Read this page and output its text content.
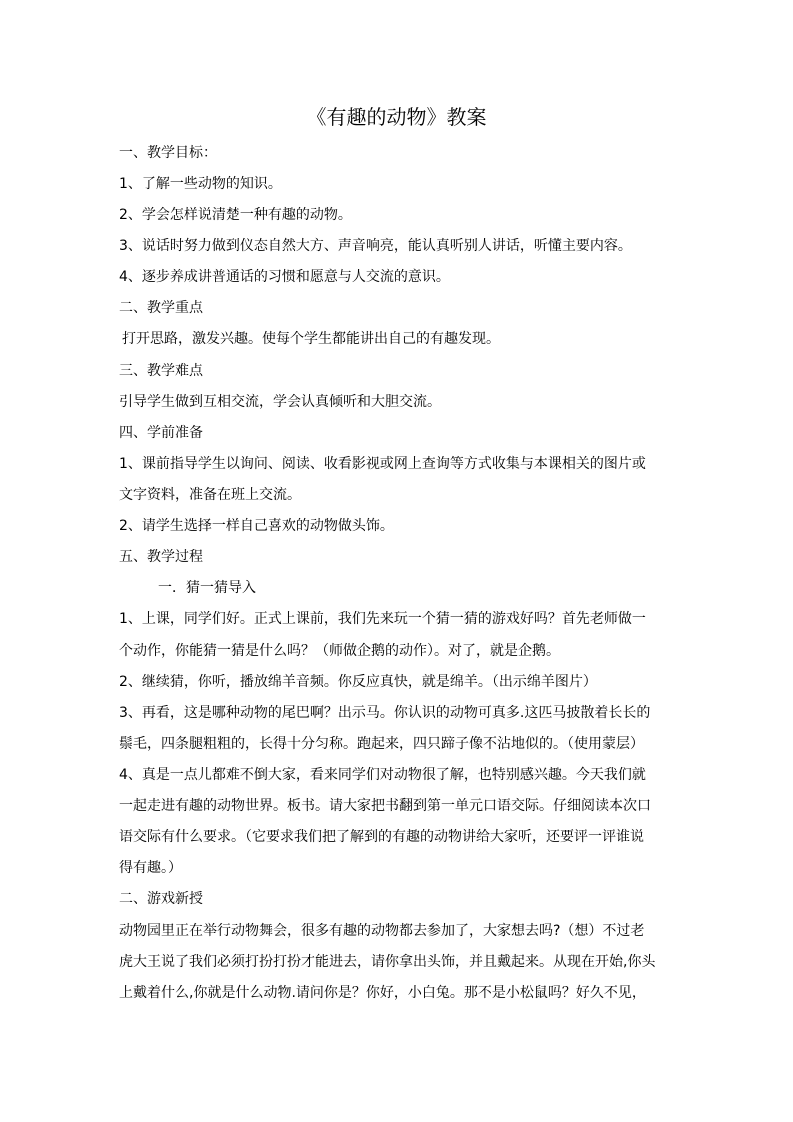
《有趣的动物》教案
一、教学目标：
1、了解一些动物的知识。
2、学会怎样说清楚一种有趣的动物。
3、说话时努力做到仪态自然大方、声音响亮，能认真听别人讲话，听懂主要内容。
4、逐步养成讲普通话的习惯和愿意与人交流的意识。
二、教学重点
打开思路，激发兴趣。使每个学生都能讲出自己的有趣发现。
三、教学难点
引导学生做到互相交流，学会认真倾听和大胆交流。
四、学前准备
1、课前指导学生以询问、阅读、收看影视或网上查询等方式收集与本课相关的图片或
文字资料，准备在班上交流。
2、请学生选择一样自己喜欢的动物做头饰。
五、教学过程
一．猜一猜导入
1、上课，同学们好。正式上课前，我们先来玩一个猜一猜的游戏好吗？首先老师做一
个动作，你能猜一猜是什么吗？（师做企鹅的动作）。对了，就是企鹅。
2、继续猜，你听，播放绵羊音频。你反应真快，就是绵羊。（出示绵羊图片）
3、再看，这是哪种动物的尾巴啊？出示马。你认识的动物可真多.这匹马披散着长长的
鬃毛，四条腿粗粗的，长得十分匀称。跑起来，四只蹄子像不沾地似的。（使用蒙层）
4、真是一点儿都难不倒大家，看来同学们对动物很了解，也特别感兴趣。今天我们就
一起走进有趣的动物世界。板书。请大家把书翻到第一单元口语交际。仔细阅读本次口
语交际有什么要求。（它要求我们把了解到的有趣的动物讲给大家听，还要评一评谁说
得有趣。）
二、游戏新授
动物园里正在举行动物舞会，很多有趣的动物都去参加了，大家想去吗?（想）不过老
虎大王说了我们必须打扮打扮才能进去，请你拿出头饰，并且戴起来。从现在开始,你头
上戴着什么,你就是什么动物.请问你是？你好，小白兔。那不是小松鼠吗？好久不见，
